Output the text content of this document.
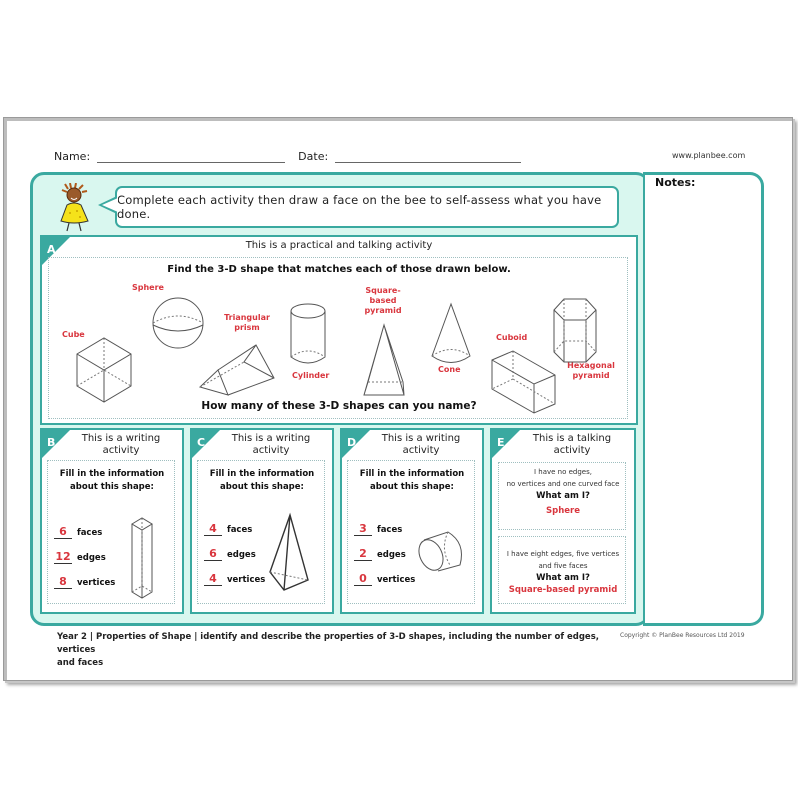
Name:	Date:	www.planbee.com
Notes:
Complete each activity then draw a face on the bee to self-assess what you have done.
A	This is a practical and talking activity
Find the 3-D shape that matches each of those drawn below.
How many of these 3-D shapes can you name?
Cube
Sphere
Triangular
prism
Cylinder
Square-
based
pyramid
Cone
Cuboid
Hexagonal
pyramid
B	This is a writing
activity
Fill in the information
about this shape:
6 faces
12 edges
8 vertices
C	This is a writing
activity
Fill in the information
about this shape:
4 faces
6 edges
4 vertices
D	This is a writing
activity
Fill in the information
about this shape:
3 faces
2 edges
0 vertices
E	This is a talking
activity
I have no edges,
no vertices and one curved face
What am I?
Sphere
I have eight edges, five vertices
and five faces
What am I?
Square-based pyramid
Year 2 | Properties of Shape | identify and describe the properties of 3-D shapes, including the number of edges, vertices
and faces
Copyright © PlanBee Resources Ltd 2019
